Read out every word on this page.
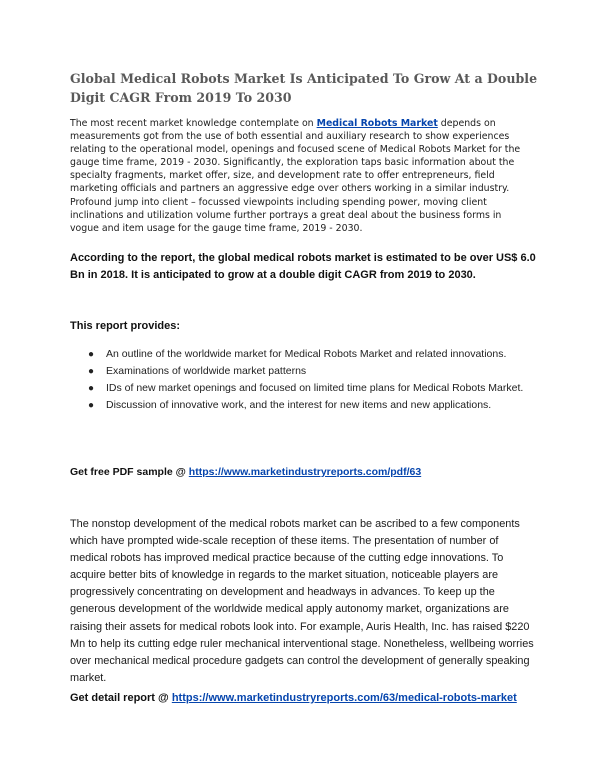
Global Medical Robots Market Is Anticipated To Grow At a Double Digit CAGR From 2019 To 2030

The most recent market knowledge contemplate on Medical Robots Market depends on measurements got from the use of both essential and auxiliary research to show experiences relating to the operational model, openings and focused scene of Medical Robots Market for the gauge time frame, 2019 - 2030. Significantly, the exploration taps basic information about the specialty fragments, market offer, size, and development rate to offer entrepreneurs, field marketing officials and partners an aggressive edge over others working in a similar industry. Profound jump into client – focussed viewpoints including spending power, moving client inclinations and utilization volume further portrays a great deal about the business forms in vogue and item usage for the gauge time frame, 2019 - 2030.

According to the report, the global medical robots market is estimated to be over US$ 6.0 Bn in 2018. It is anticipated to grow at a double digit CAGR from 2019 to 2030.

This report provides:

● An outline of the worldwide market for Medical Robots Market and related innovations.
● Examinations of worldwide market patterns
● IDs of new market openings and focused on limited time plans for Medical Robots Market.
● Discussion of innovative work, and the interest for new items and new applications.

Get free PDF sample @ https://www.marketindustryreports.com/pdf/63

The nonstop development of the medical robots market can be ascribed to a few components which have prompted wide-scale reception of these items. The presentation of number of medical robots has improved medical practice because of the cutting edge innovations. To acquire better bits of knowledge in regards to the market situation, noticeable players are progressively concentrating on development and headways in advances. To keep up the generous development of the worldwide medical apply autonomy market, organizations are raising their assets for medical robots look into. For example, Auris Health, Inc. has raised $220 Mn to help its cutting edge ruler mechanical interventional stage. Nonetheless, wellbeing worries over mechanical medical procedure gadgets can control the development of generally speaking market.

Get detail report @ https://www.marketindustryreports.com/63/medical-robots-market
